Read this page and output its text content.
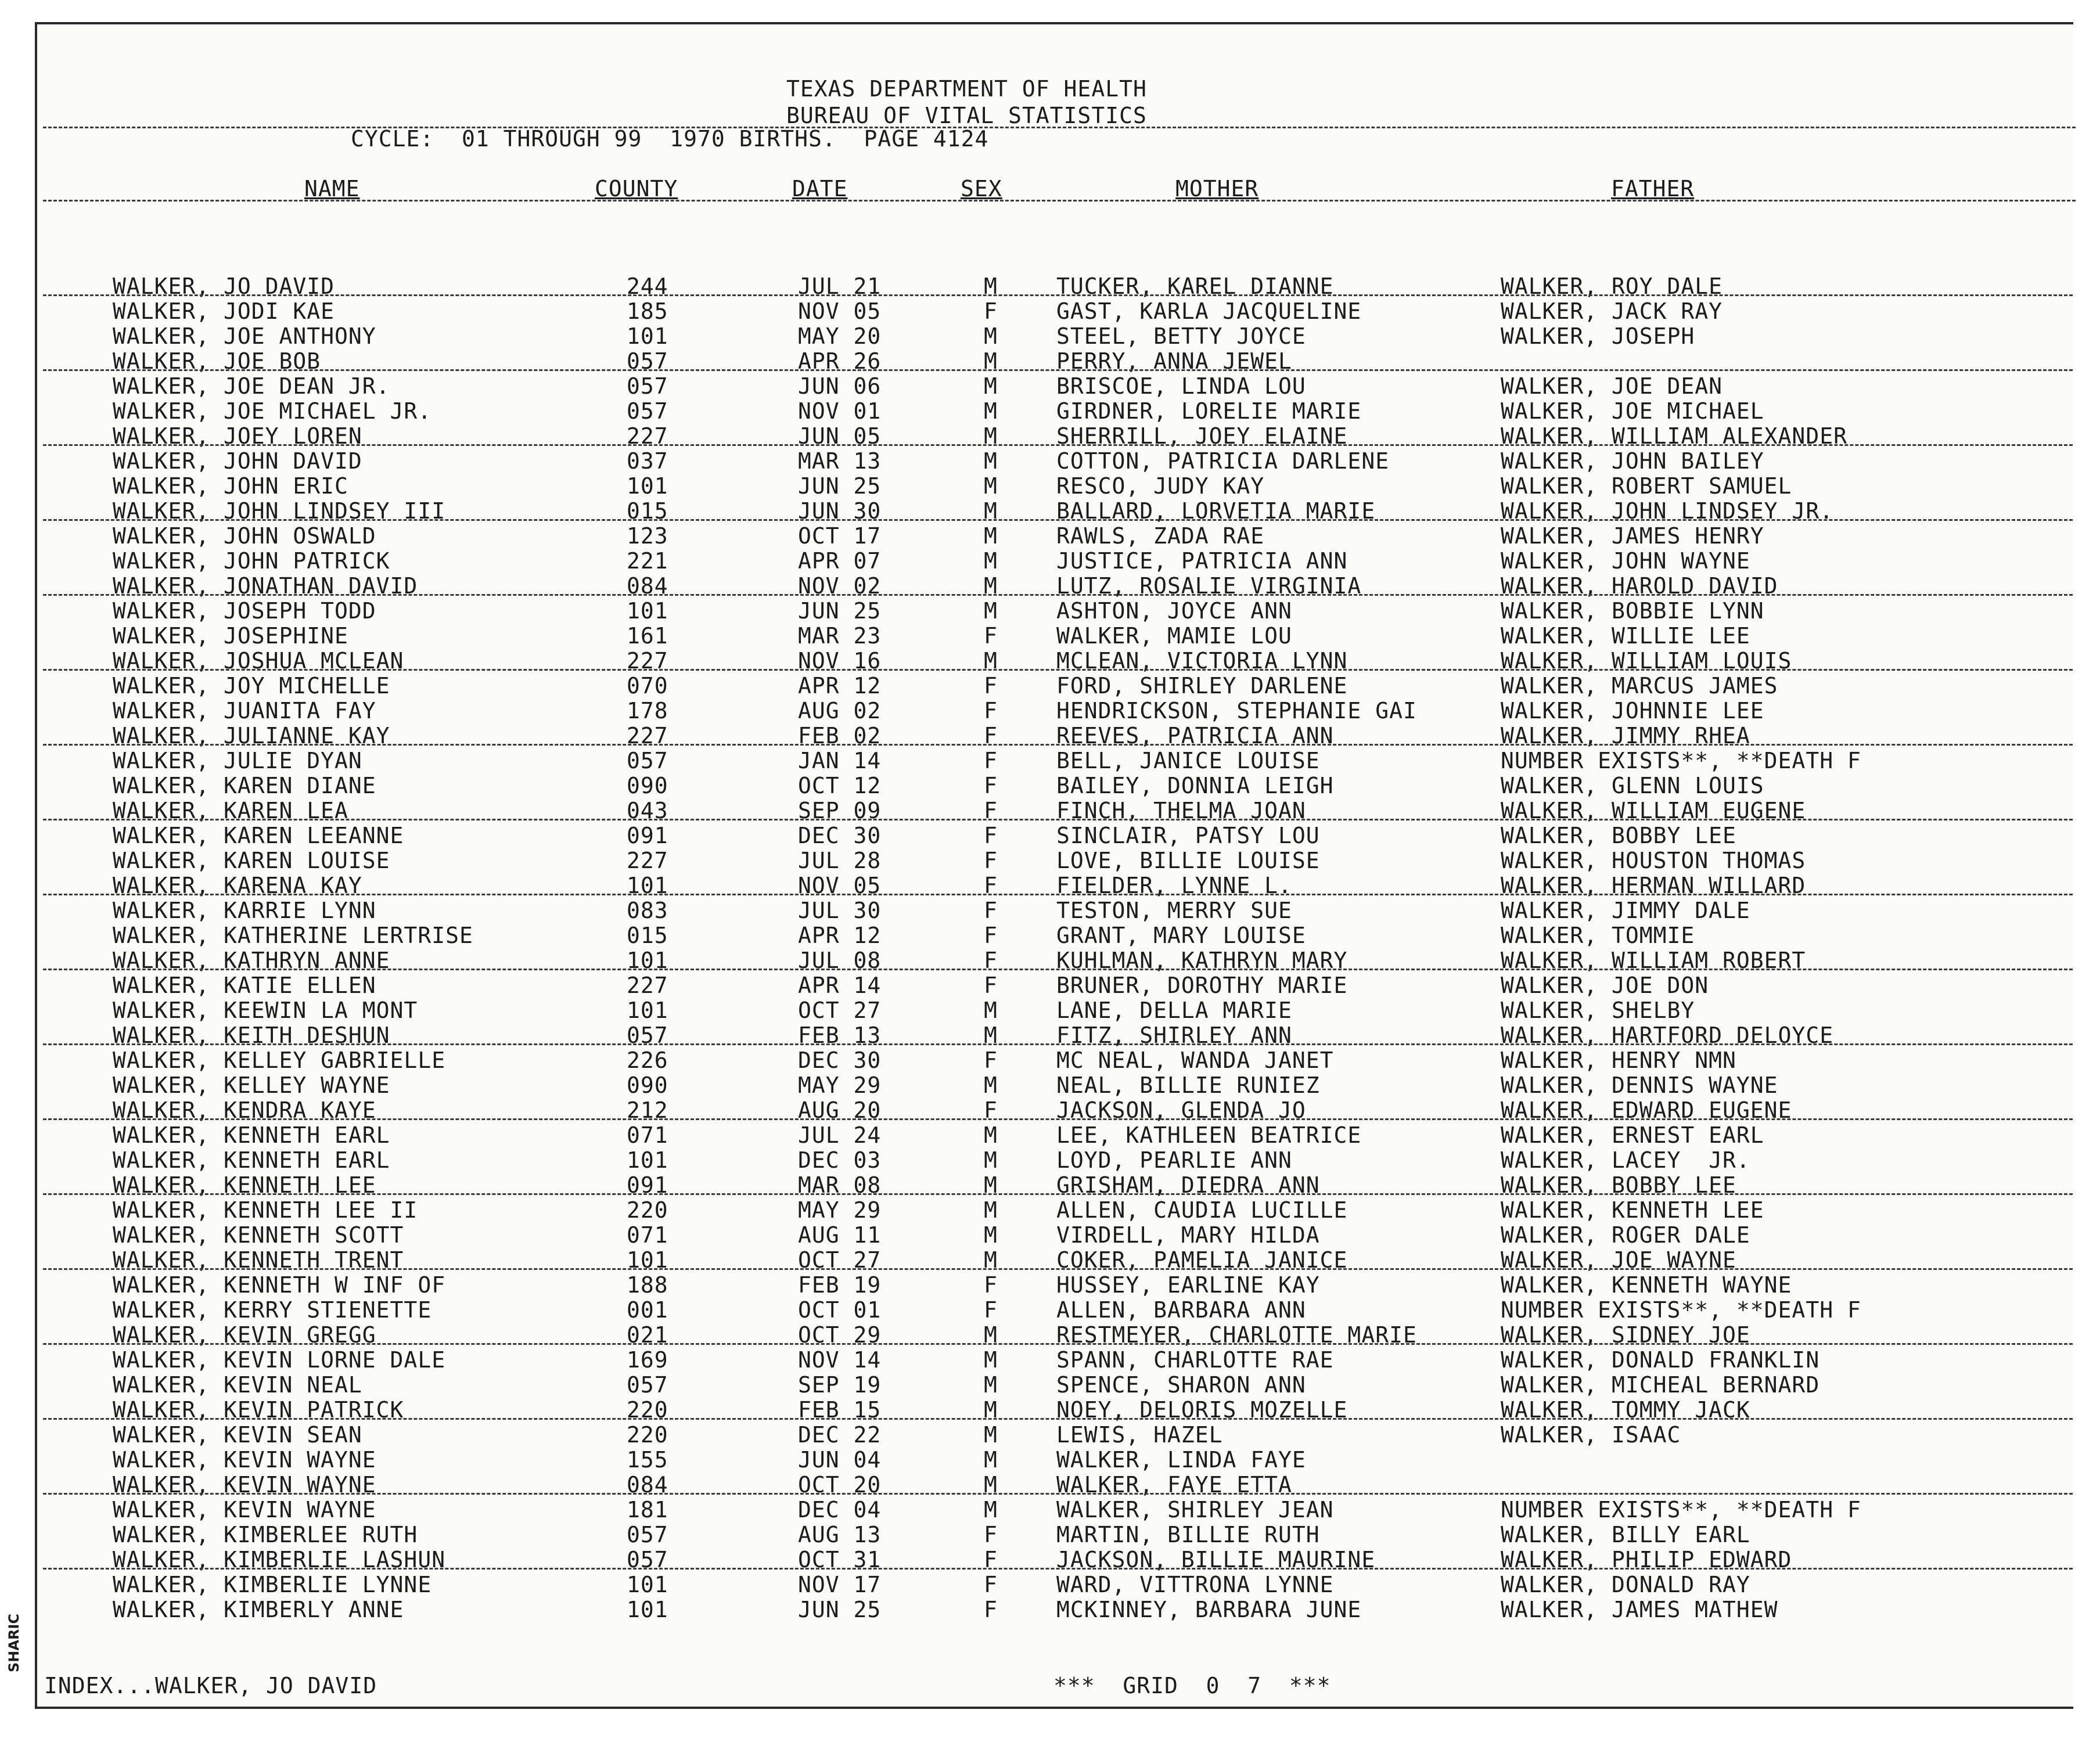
TEXAS DEPARTMENT OF HEALTH
BUREAU OF VITAL STATISTICS
CYCLE:  01 THROUGH 99  1970 BIRTHS.  PAGE 4124
NAME	COUNTY	DATE	SEX	MOTHER	FATHER
WALKER, JO DAVID	244	JUL 21	M	TUCKER, KAREL DIANNE	WALKER, ROY DALE
WALKER, JODI KAE	185	NOV 05	F	GAST, KARLA JACQUELINE	WALKER, JACK RAY
WALKER, JOE ANTHONY	101	MAY 20	M	STEEL, BETTY JOYCE	WALKER, JOSEPH
WALKER, JOE BOB	057	APR 26	M	PERRY, ANNA JEWEL
WALKER, JOE DEAN JR.	057	JUN 06	M	BRISCOE, LINDA LOU	WALKER, JOE DEAN
WALKER, JOE MICHAEL JR.	057	NOV 01	M	GIRDNER, LORELIE MARIE	WALKER, JOE MICHAEL
WALKER, JOEY LOREN	227	JUN 05	M	SHERRILL, JOEY ELAINE	WALKER, WILLIAM ALEXANDER
WALKER, JOHN DAVID	037	MAR 13	M	COTTON, PATRICIA DARLENE	WALKER, JOHN BAILEY
WALKER, JOHN ERIC	101	JUN 25	M	RESCO, JUDY KAY	WALKER, ROBERT SAMUEL
WALKER, JOHN LINDSEY III	015	JUN 30	M	BALLARD, LORVETIA MARIE	WALKER, JOHN LINDSEY JR.
WALKER, JOHN OSWALD	123	OCT 17	M	RAWLS, ZADA RAE	WALKER, JAMES HENRY
WALKER, JOHN PATRICK	221	APR 07	M	JUSTICE, PATRICIA ANN	WALKER, JOHN WAYNE
WALKER, JONATHAN DAVID	084	NOV 02	M	LUTZ, ROSALIE VIRGINIA	WALKER, HAROLD DAVID
WALKER, JOSEPH TODD	101	JUN 25	M	ASHTON, JOYCE ANN	WALKER, BOBBIE LYNN
WALKER, JOSEPHINE	161	MAR 23	F	WALKER, MAMIE LOU	WALKER, WILLIE LEE
WALKER, JOSHUA MCLEAN	227	NOV 16	M	MCLEAN, VICTORIA LYNN	WALKER, WILLIAM LOUIS
WALKER, JOY MICHELLE	070	APR 12	F	FORD, SHIRLEY DARLENE	WALKER, MARCUS JAMES
WALKER, JUANITA FAY	178	AUG 02	F	HENDRICKSON, STEPHANIE GAI	WALKER, JOHNNIE LEE
WALKER, JULIANNE KAY	227	FEB 02	F	REEVES, PATRICIA ANN	WALKER, JIMMY RHEA
WALKER, JULIE DYAN	057	JAN 14	F	BELL, JANICE LOUISE	NUMBER EXISTS**, **DEATH F
WALKER, KAREN DIANE	090	OCT 12	F	BAILEY, DONNIA LEIGH	WALKER, GLENN LOUIS
WALKER, KAREN LEA	043	SEP 09	F	FINCH, THELMA JOAN	WALKER, WILLIAM EUGENE
WALKER, KAREN LEEANNE	091	DEC 30	F	SINCLAIR, PATSY LOU	WALKER, BOBBY LEE
WALKER, KAREN LOUISE	227	JUL 28	F	LOVE, BILLIE LOUISE	WALKER, HOUSTON THOMAS
WALKER, KARENA KAY	101	NOV 05	F	FIELDER, LYNNE L.	WALKER, HERMAN WILLARD
WALKER, KARRIE LYNN	083	JUL 30	F	TESTON, MERRY SUE	WALKER, JIMMY DALE
WALKER, KATHERINE LERTRISE	015	APR 12	F	GRANT, MARY LOUISE	WALKER, TOMMIE
WALKER, KATHRYN ANNE	101	JUL 08	F	KUHLMAN, KATHRYN MARY	WALKER, WILLIAM ROBERT
WALKER, KATIE ELLEN	227	APR 14	F	BRUNER, DOROTHY MARIE	WALKER, JOE DON
WALKER, KEEWIN LA MONT	101	OCT 27	M	LANE, DELLA MARIE	WALKER, SHELBY
WALKER, KEITH DESHUN	057	FEB 13	M	FITZ, SHIRLEY ANN	WALKER, HARTFORD DELOYCE
WALKER, KELLEY GABRIELLE	226	DEC 30	F	MC NEAL, WANDA JANET	WALKER, HENRY NMN
WALKER, KELLEY WAYNE	090	MAY 29	M	NEAL, BILLIE RUNIEZ	WALKER, DENNIS WAYNE
WALKER, KENDRA KAYE	212	AUG 20	F	JACKSON, GLENDA JO	WALKER, EDWARD EUGENE
WALKER, KENNETH EARL	071	JUL 24	M	LEE, KATHLEEN BEATRICE	WALKER, ERNEST EARL
WALKER, KENNETH EARL	101	DEC 03	M	LOYD, PEARLIE ANN	WALKER, LACEY  JR.
WALKER, KENNETH LEE	091	MAR 08	M	GRISHAM, DIEDRA ANN	WALKER, BOBBY LEE
WALKER, KENNETH LEE II	220	MAY 29	M	ALLEN, CAUDIA LUCILLE	WALKER, KENNETH LEE
WALKER, KENNETH SCOTT	071	AUG 11	M	VIRDELL, MARY HILDA	WALKER, ROGER DALE
WALKER, KENNETH TRENT	101	OCT 27	M	COKER, PAMELIA JANICE	WALKER, JOE WAYNE
WALKER, KENNETH W INF OF	188	FEB 19	F	HUSSEY, EARLINE KAY	WALKER, KENNETH WAYNE
WALKER, KERRY STIENETTE	001	OCT 01	F	ALLEN, BARBARA ANN	NUMBER EXISTS**, **DEATH F
WALKER, KEVIN GREGG	021	OCT 29	M	RESTMEYER, CHARLOTTE MARIE	WALKER, SIDNEY JOE
WALKER, KEVIN LORNE DALE	169	NOV 14	M	SPANN, CHARLOTTE RAE	WALKER, DONALD FRANKLIN
WALKER, KEVIN NEAL	057	SEP 19	M	SPENCE, SHARON ANN	WALKER, MICHEAL BERNARD
WALKER, KEVIN PATRICK	220	FEB 15	M	NOEY, DELORIS MOZELLE	WALKER, TOMMY JACK
WALKER, KEVIN SEAN	220	DEC 22	M	LEWIS, HAZEL	WALKER, ISAAC
WALKER, KEVIN WAYNE	155	JUN 04	M	WALKER, LINDA FAYE
WALKER, KEVIN WAYNE	084	OCT 20	M	WALKER, FAYE ETTA
WALKER, KEVIN WAYNE	181	DEC 04	M	WALKER, SHIRLEY JEAN	NUMBER EXISTS**, **DEATH F
WALKER, KIMBERLEE RUTH	057	AUG 13	F	MARTIN, BILLIE RUTH	WALKER, BILLY EARL
WALKER, KIMBERLIE LASHUN	057	OCT 31	F	JACKSON, BILLIE MAURINE	WALKER, PHILIP EDWARD
WALKER, KIMBERLIE LYNNE	101	NOV 17	F	WARD, VITTRONA LYNNE	WALKER, DONALD RAY
WALKER, KIMBERLY ANNE	101	JUN 25	F	MCKINNEY, BARBARA JUNE	WALKER, JAMES MATHEW
INDEX...WALKER, JO DAVID	***  GRID  0  7  ***
SHARIC
